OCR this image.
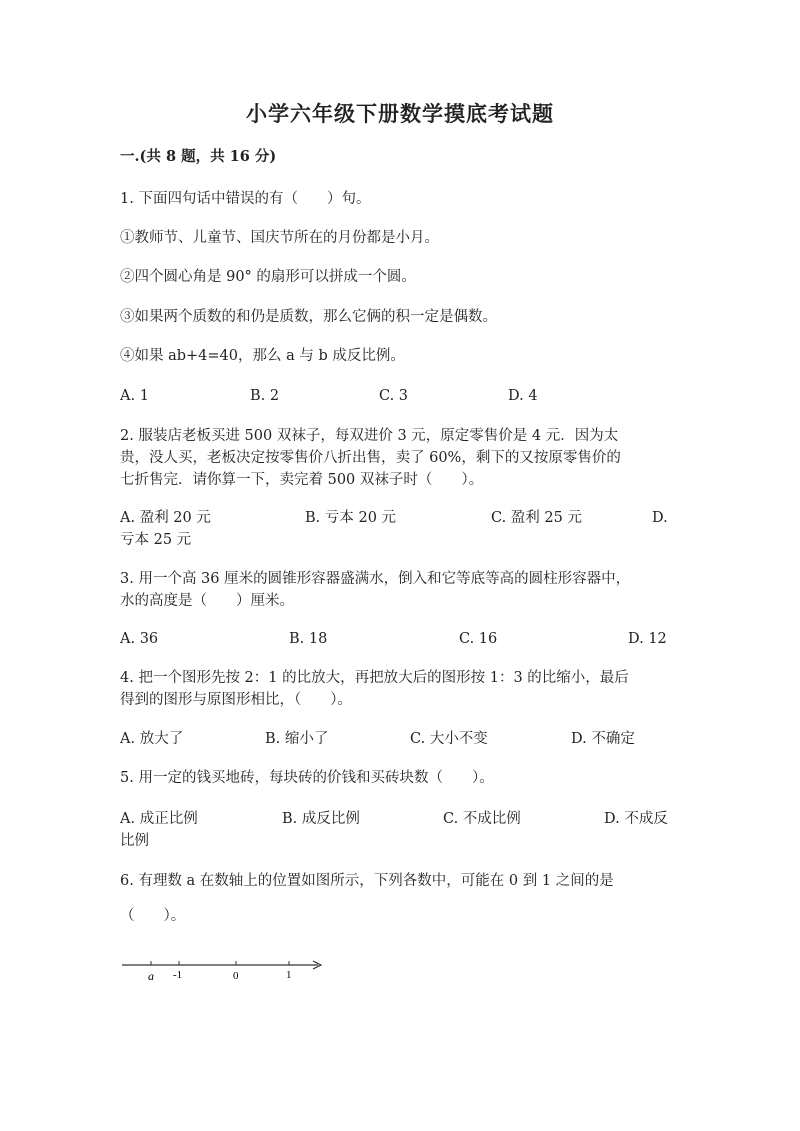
小学六年级下册数学摸底考试题
一.(共 8 题，共 16 分)
1. 下面四句话中错误的有（　　）句。
①教师节、儿童节、国庆节所在的月份都是小月。
②四个圆心角是 90° 的扇形可以拼成一个圆。
③如果两个质数的和仍是质数，那么它俩的积一定是偶数。
④如果 ab+4=40，那么 a 与 b 成反比例。
A. 1	B. 2	C. 3	D. 4
2. 服装店老板买进 500 双袜子，每双进价 3 元，原定零售价是 4 元．因为太
贵，没人买，老板决定按零售价八折出售，卖了 60%，剩下的又按原零售价的
七折售完．请你算一下，卖完着 500 双袜子时（　　）。
A. 盈利 20 元	B. 亏本 20 元	C. 盈利 25 元	D.
亏本 25 元
3. 用一个高 36 厘米的圆锥形容器盛满水，倒入和它等底等高的圆柱形容器中，
水的高度是（　　）厘米。
A. 36	B. 18	C. 16	D. 12
4. 把一个图形先按 2：1 的比放大，再把放大后的图形按 1：3 的比缩小，最后
得到的图形与原图形相比，（　　）。
A. 放大了	B. 缩小了	C. 大小不变	D. 不确定
5. 用一定的钱买地砖，每块砖的价钱和买砖块数（　　）。
A. 成正比例	B. 成反比例	C. 不成比例	D. 不成反
比例
6. 有理数 a 在数轴上的位置如图所示，下列各数中，可能在 0 到 1 之间的是
（　　）。
a -1	0	1
